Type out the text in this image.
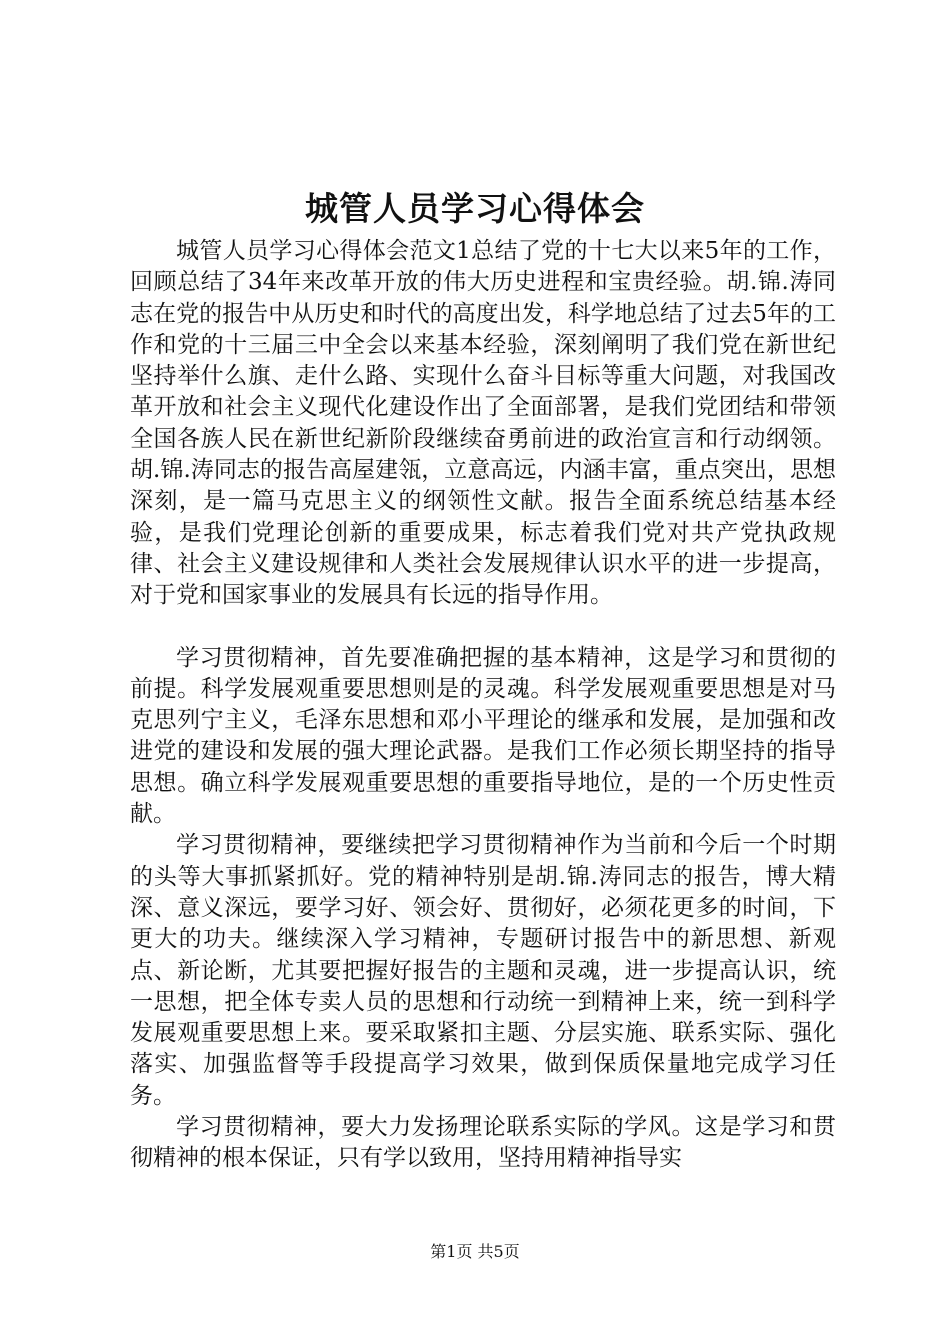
城管人员学习心得体会

城管人员学习心得体会范文1总结了党的十七大以来5年的工作，回顾总结了34年来改革开放的伟大历史进程和宝贵经验。胡.锦.涛同志在党的报告中从历史和时代的高度出发，科学地总结了过去5年的工作和党的十三届三中全会以来基本经验，深刻阐明了我们党在新世纪坚持举什么旗、走什么路、实现什么奋斗目标等重大问题，对我国改革开放和社会主义现代化建设作出了全面部署，是我们党团结和带领全国各族人民在新世纪新阶段继续奋勇前进的政治宣言和行动纲领。胡.锦.涛同志的报告高屋建瓴，立意高远，内涵丰富，重点突出，思想深刻，是一篇马克思主义的纲领性文献。报告全面系统总结基本经验，是我们党理论创新的重要成果，标志着我们党对共产党执政规律、社会主义建设规律和人类社会发展规律认识水平的进一步提高，对于党和国家事业的发展具有长远的指导作用。

学习贯彻精神，首先要准确把握的基本精神，这是学习和贯彻的前提。科学发展观重要思想则是的灵魂。科学发展观重要思想是对马克思列宁主义，毛泽东思想和邓小平理论的继承和发展，是加强和改进党的建设和发展的强大理论武器。是我们工作必须长期坚持的指导思想。确立科学发展观重要思想的重要指导地位，是的一个历史性贡献。

学习贯彻精神，要继续把学习贯彻精神作为当前和今后一个时期的头等大事抓紧抓好。党的精神特别是胡.锦.涛同志的报告，博大精深、意义深远，要学习好、领会好、贯彻好，必须花更多的时间，下更大的功夫。继续深入学习精神，专题研讨报告中的新思想、新观点、新论断，尤其要把握好报告的主题和灵魂，进一步提高认识，统一思想，把全体专卖人员的思想和行动统一到精神上来，统一到科学发展观重要思想上来。要采取紧扣主题、分层实施、联系实际、强化落实、加强监督等手段提高学习效果，做到保质保量地完成学习任务。

学习贯彻精神，要大力发扬理论联系实际的学风。这是学习和贯彻精神的根本保证，只有学以致用，坚持用精神指导实

第1页 共5页
